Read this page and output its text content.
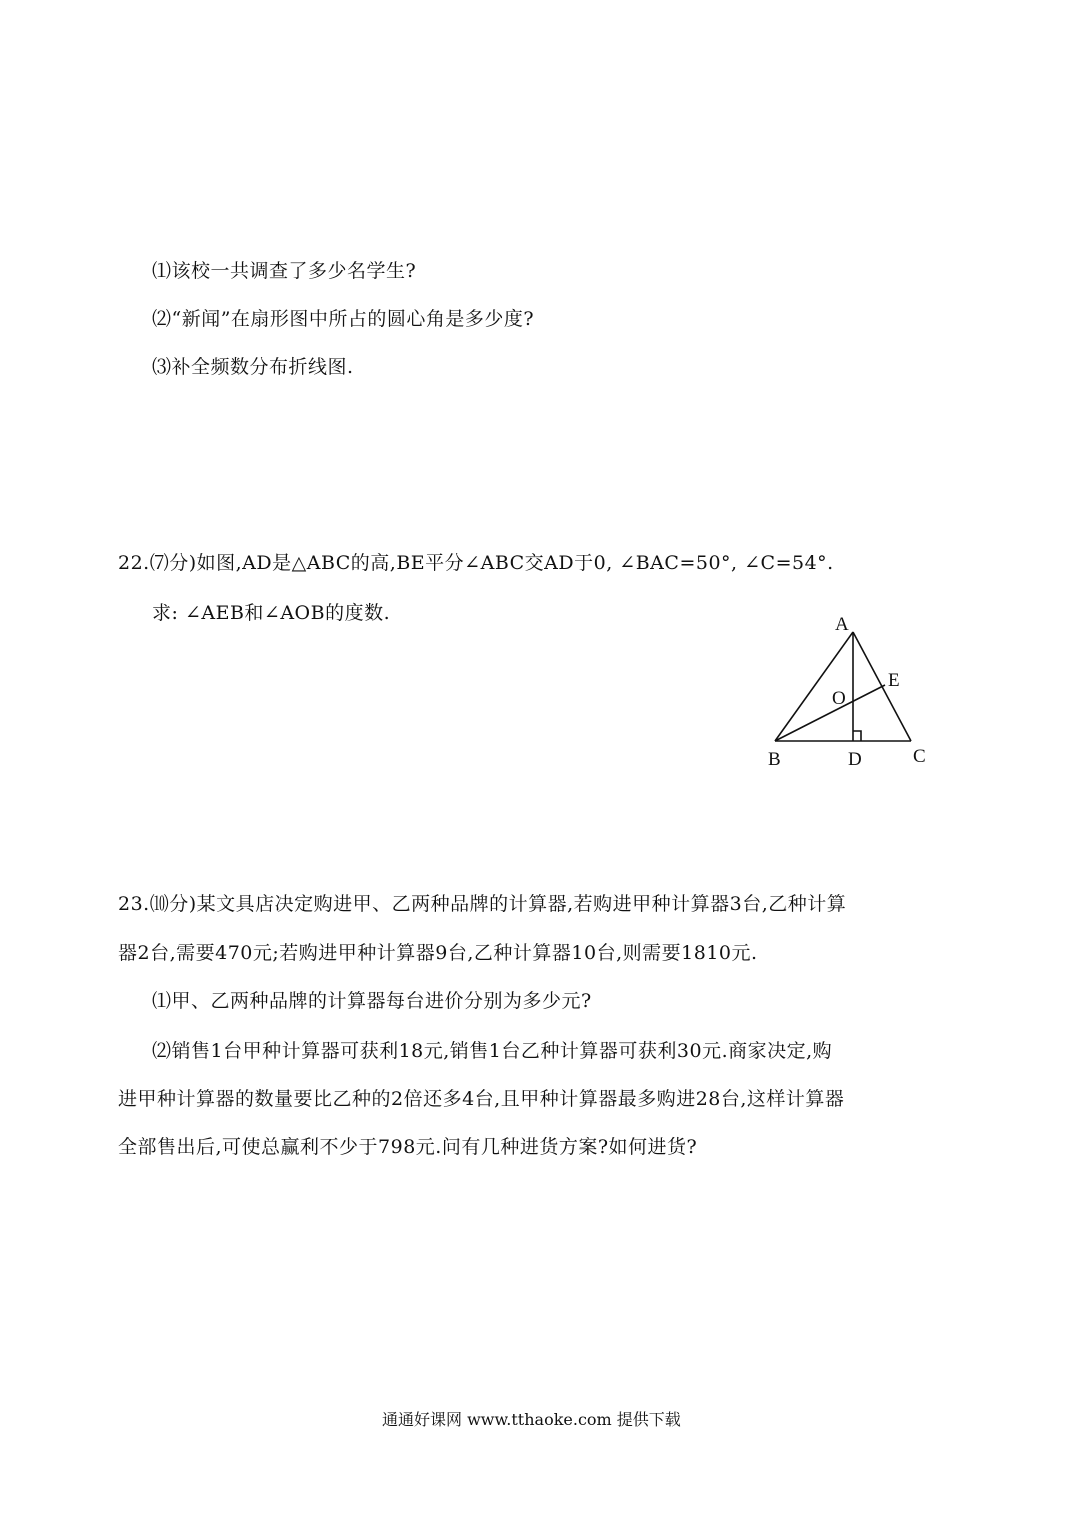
⑴该校一共调查了多少名学生?
⑵“新闻”在扇形图中所占的圆心角是多少度?
⑶补全频数分布折线图.
22.⑺分)如图,AD是△ABC的高,BE平分∠ABC交AD于0, ∠BAC=50°, ∠C=54°.
求: ∠AEB和∠AOB的度数.
A
E
O
B	D	C
23.⑽分)某文具店决定购进甲、乙两种品牌的计算器,若购进甲种计算器3台,乙种计算
器2台,需要470元;若购进甲种计算器9台,乙种计算器10台,则需要1810元.
⑴甲、乙两种品牌的计算器每台进价分别为多少元?
⑵销售1台甲种计算器可获利18元,销售1台乙种计算器可获利30元.商家决定,购
进甲种计算器的数量要比乙种的2倍还多4台,且甲种计算器最多购进28台,这样计算器
全部售出后,可使总赢利不少于798元.问有几种进货方案?如何进货?
通通好课网 www.tthaoke.com 提供下载
